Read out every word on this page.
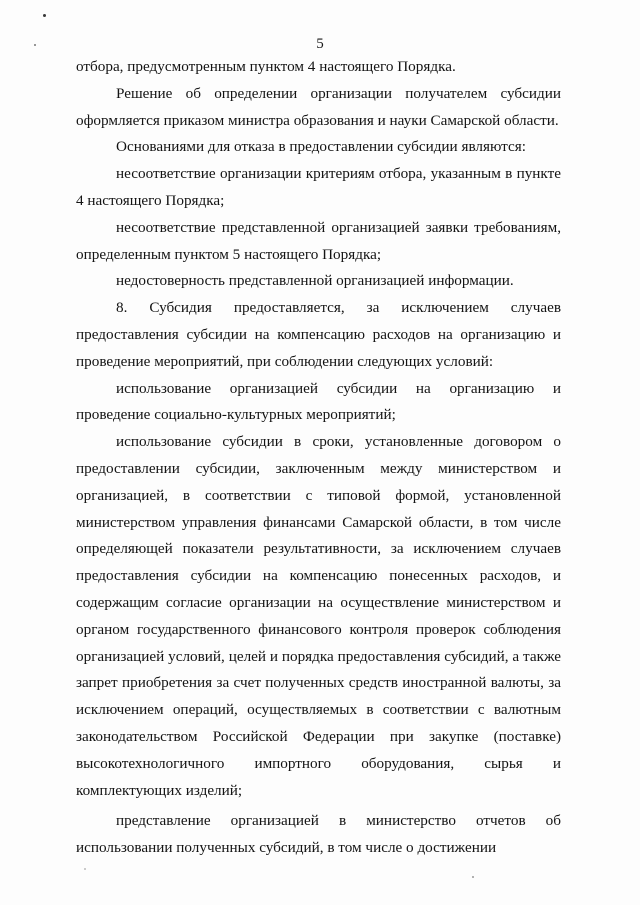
5

отбора, предусмотренным пунктом 4 настоящего Порядка.

Решение об определении организации получателем субсидии оформляется приказом министра образования и науки Самарской области.

Основаниями для отказа в предоставлении субсидии являются:

несоответствие организации критериям отбора, указанным в пункте 4 настоящего Порядка;

несоответствие представленной организацией заявки требованиям, определенным пунктом 5 настоящего Порядка;

недостоверность представленной организацией информации.

8. Субсидия предоставляется, за исключением случаев предоставления субсидии на компенсацию расходов на организацию и проведение мероприятий, при соблюдении следующих условий:

использование организацией субсидии на организацию и проведение социально-культурных мероприятий;

использование субсидии в сроки, установленные договором о предоставлении субсидии, заключенным между министерством и организацией, в соответствии с типовой формой, установленной министерством управления финансами Самарской области, в том числе определяющей показатели результативности, за исключением случаев предоставления субсидии на компенсацию понесенных расходов, и содержащим согласие организации на осуществление министерством и органом государственного финансового контроля проверок соблюдения организацией условий, целей и порядка предоставления субсидий, а также запрет приобретения за счет полученных средств иностранной валюты, за исключением операций, осуществляемых в соответствии с валютным законодательством Российской Федерации при закупке (поставке) высокотехнологичного импортного оборудования, сырья и комплектующих изделий;

представление организацией в министерство отчетов об использовании полученных субсидий, в том числе о достижении
